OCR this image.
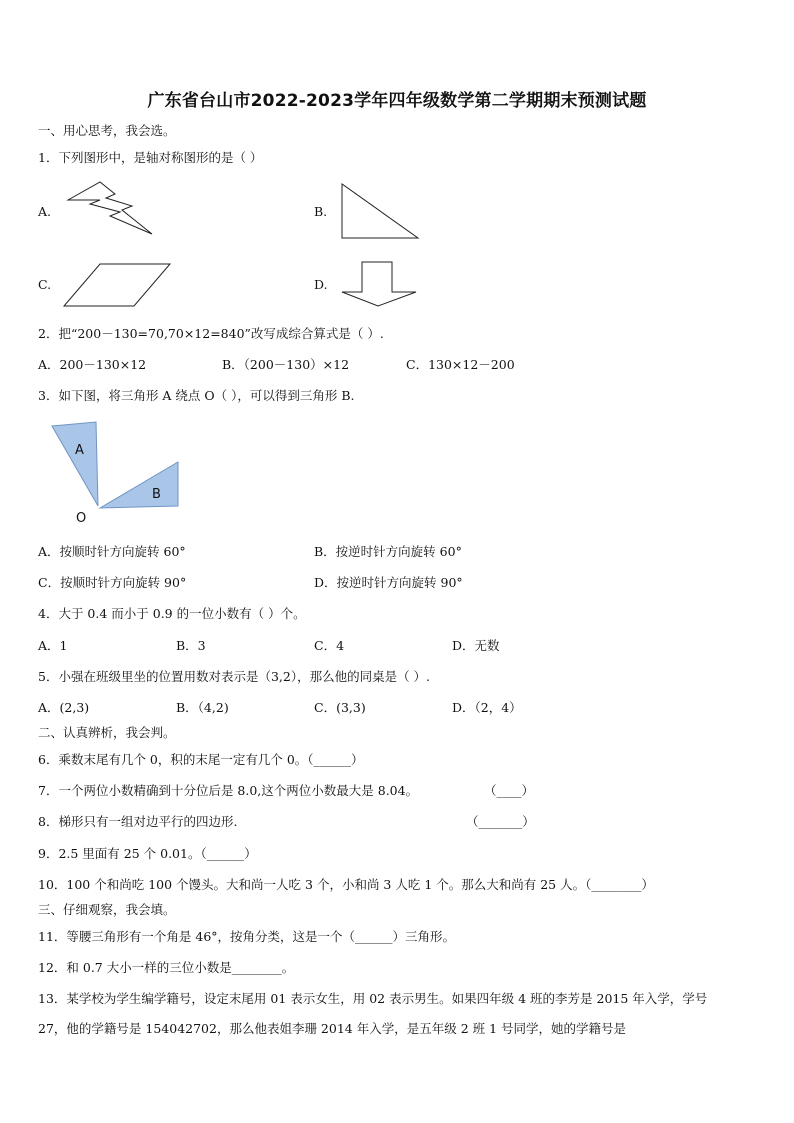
广东省台山市2022-2023学年四年级数学第二学期期末预测试题
一、用心思考，我会选。
1．下列图形中，是轴对称图形的是（ ）
A.	B.
C.	D.
2．把“200－130=70,70×12=840”改写成综合算式是（ ）.
A．200－130×12	B．（200－130）×12	C．130×12－200
3．如下图，将三角形 A 绕点 O（ ），可以得到三角形 B.
A
B
O
A．按顺时针方向旋转 60°	B．按逆时针方向旋转 60°
C．按顺时针方向旋转 90°	D．按逆时针方向旋转 90°
4．大于 0.4 而小于 0.9 的一位小数有（ ）个。
A．1	B．3	C．4	D．无数
5．小强在班级里坐的位置用数对表示是（3,2），那么他的同桌是（ ）.
A．(2,3)	B．（4,2)	C．(3,3)	D．（2，4）
二、认真辨析，我会判。
6．乘数末尾有几个 0，积的末尾一定有几个 0。（______）
7．一个两位小数精确到十分位后是 8.0,这个两位小数最大是 8.04。	（____）
8．梯形只有一组对边平行的四边形.	（_______）
9．2.5 里面有 25 个 0.01。（______）
10．100 个和尚吃 100 个馒头。大和尚一人吃 3 个，小和尚 3 人吃 1 个。那么大和尚有 25 人。（________）
三、仔细观察，我会填。
11．等腰三角形有一个角是 46°，按角分类，这是一个（______）三角形。
12．和 0.7 大小一样的三位小数是________。
13．某学校为学生编学籍号，设定末尾用 01 表示女生，用 02 表示男生。如果四年级 4 班的李芳是 2015 年入学，学号
27，他的学籍号是 154042702，那么他表姐李珊 2014 年入学，是五年级 2 班 1 号同学，她的学籍号是
